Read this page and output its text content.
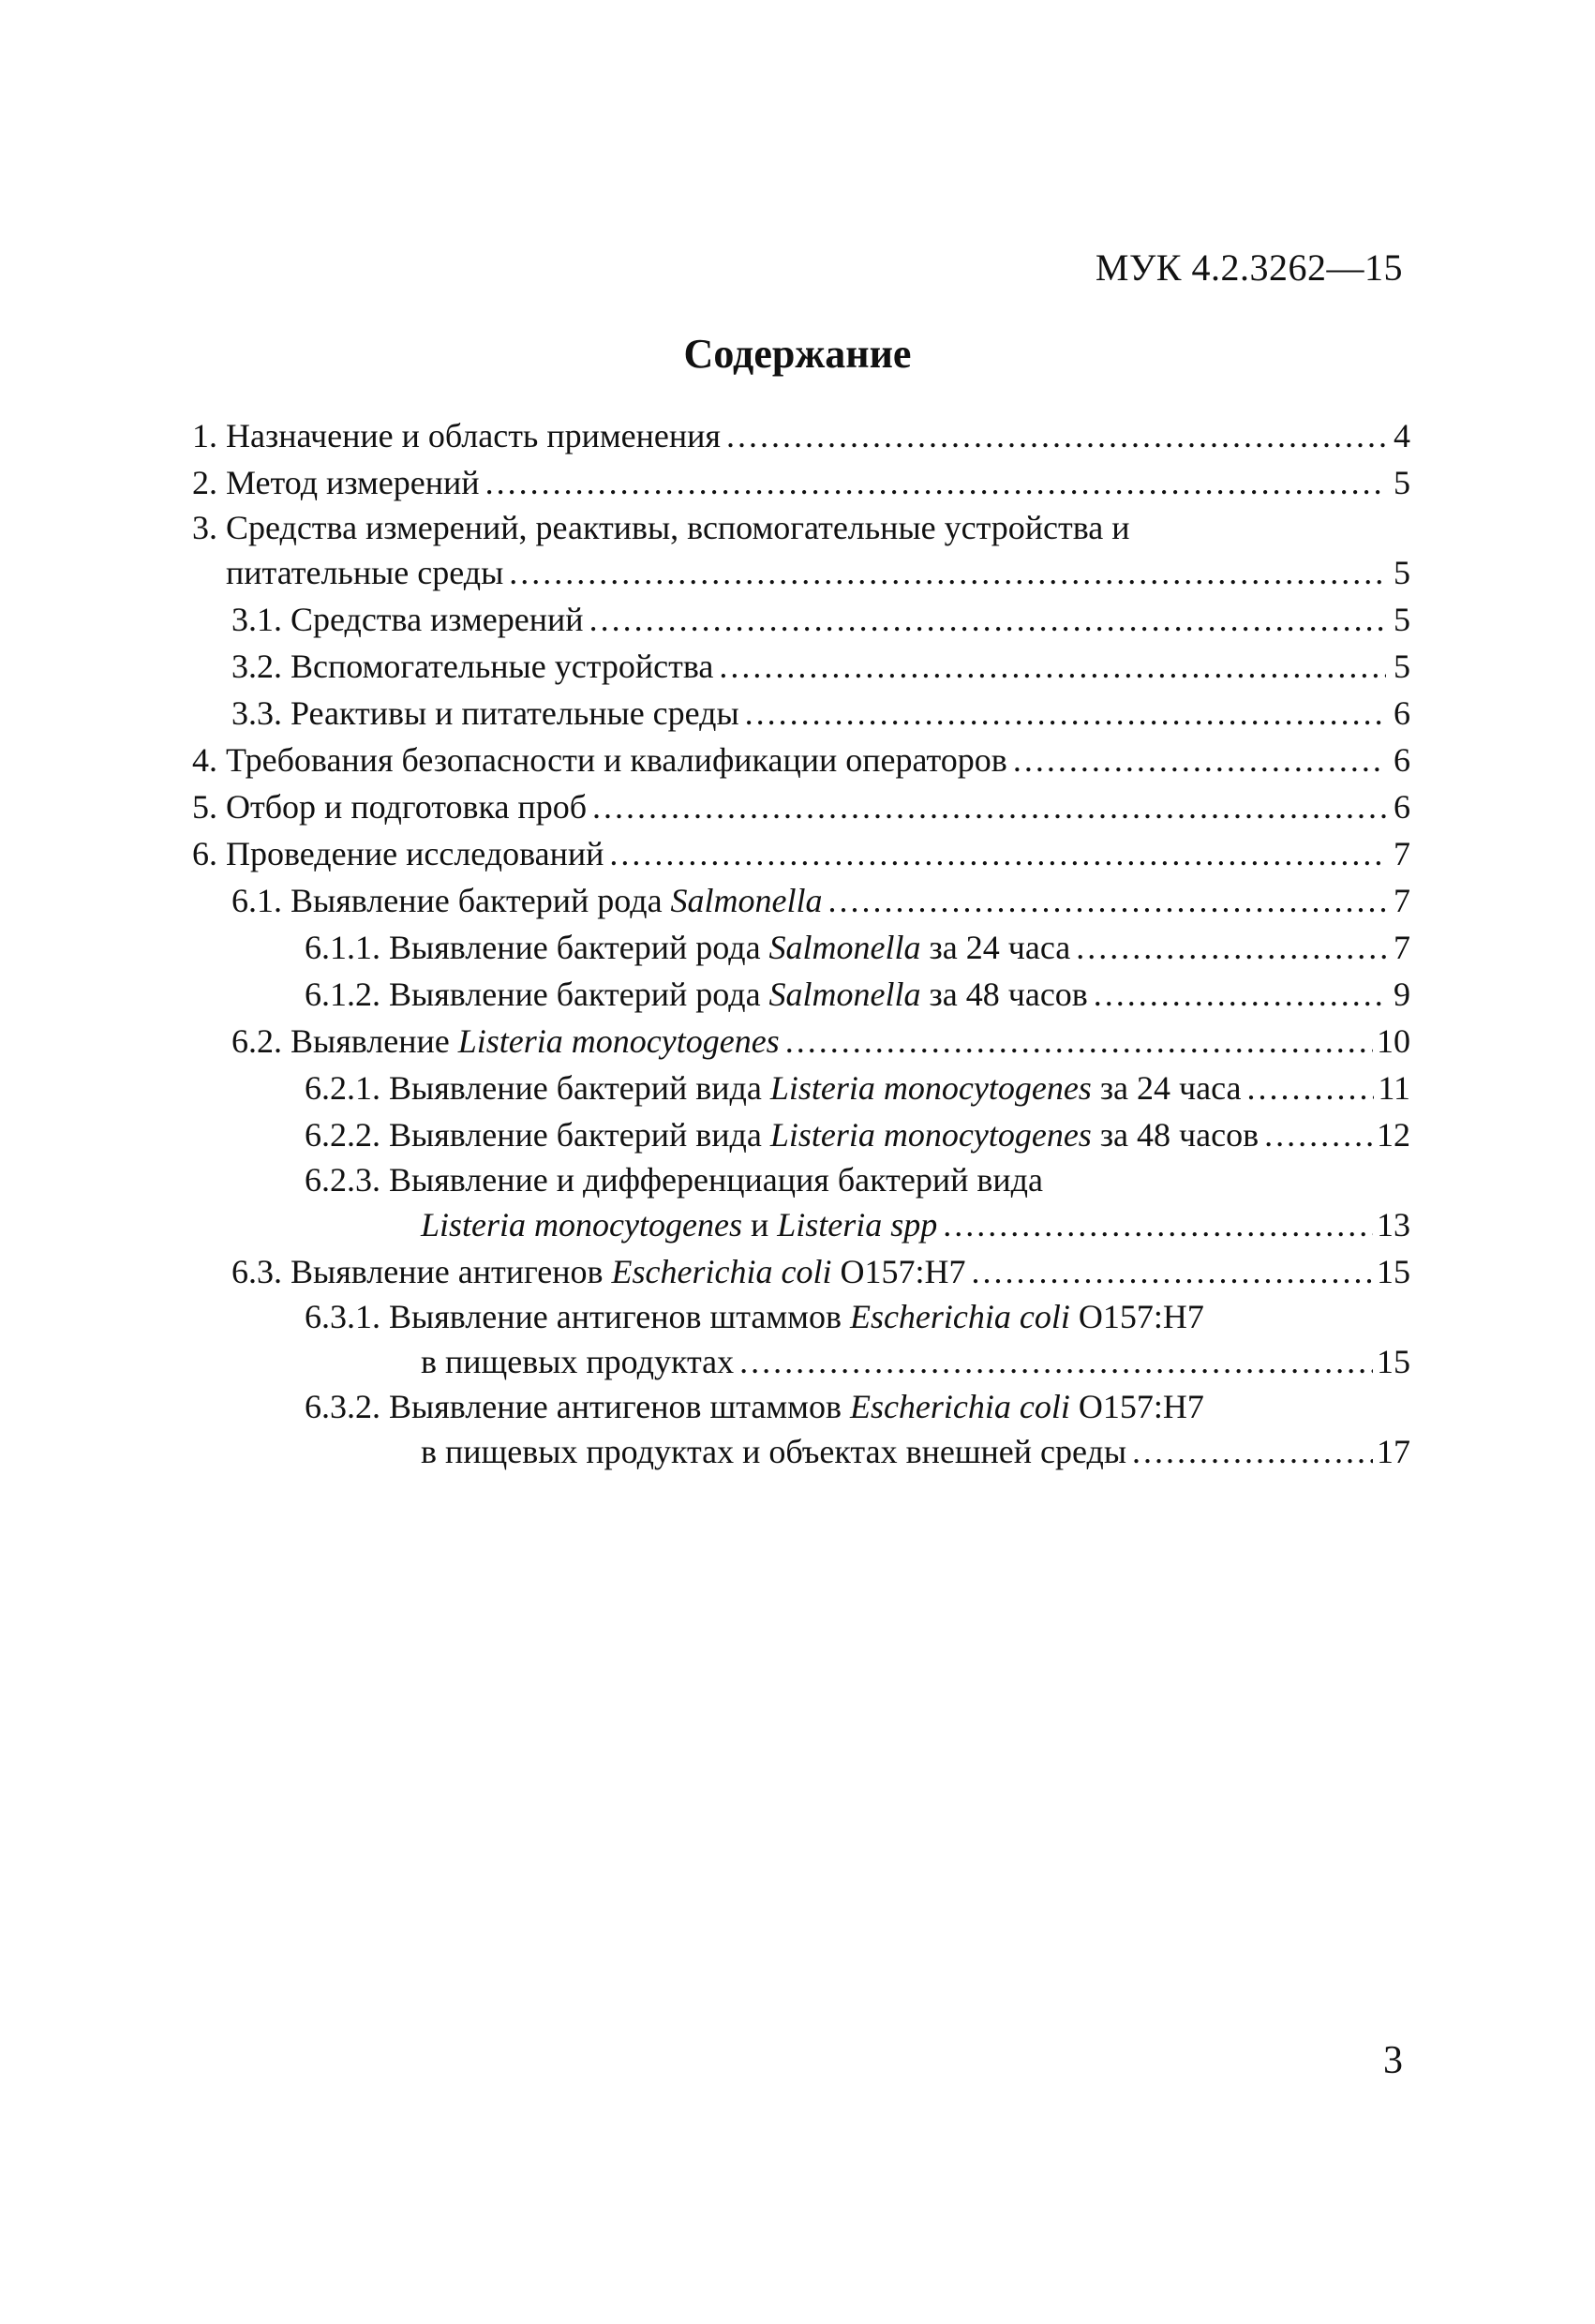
МУК 4.2.3262—15
Содержание
1. Назначение и область применения .....	4
2. Метод измерений .....	5
3. Средства измерений, реактивы, вспомогательные устройства и
питательные среды .....	5
3.1. Средства измерений .....	5
3.2. Вспомогательные устройства .....	5
3.3. Реактивы и питательные среды .....	6
4. Требования безопасности и квалификации операторов .....	6
5. Отбор и подготовка проб .....	6
6. Проведение исследований .....	7
6.1. Выявление бактерий рода Salmonella .....	7
6.1.1. Выявление бактерий рода Salmonella за 24 часа .....	7
6.1.2. Выявление бактерий рода Salmonella за 48 часов .....	9
6.2. Выявление Listeria monocytogenes .....	10
6.2.1. Выявление бактерий вида Listeria monocytogenes за 24 часа .....	11
6.2.2. Выявление бактерий вида Listeria monocytogenes за 48 часов .....	12
6.2.3. Выявление и дифференциация бактерий вида
Listeria monocytogenes и Listeria spp .....	13
6.3. Выявление антигенов Escherichia coli O157:H7 .....	15
6.3.1. Выявление антигенов штаммов Escherichia coli O157:H7
в пищевых продуктах .....	15
6.3.2. Выявление антигенов штаммов Escherichia coli O157:H7
в пищевых продуктах и объектах внешней среды .....	17
3
